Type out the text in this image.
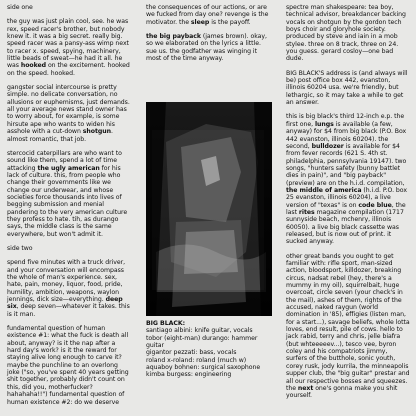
side one

the guy was just plain cool, see. he was rex, speed racer's brother, but nobody knew it. it was a big secret. really big. speed racer was a pansy-ass wimp next to racer x. speed, spying, machinery, little beads of sweat—he had it all. he was hooked on the excitement. hooked on the speed. hooked.

gangster social intercourse is pretty simple. no delicate conversation, no allusions or euphemisms, just demands. all your average news stand owner has to worry about, for example, is some hirsute ape who wants to widen his asshole with a cut-down shotgun. almost romantic, that job.

stercocid caterpillars are who want to sound like them, spend a lot of time attacking the ugly american for his lack of culture. this, from people who change their governments like we change our underwear, and whose societies force thousands into lives of begging submission and menial pandering to the very american culture they profess to hate. tih, as durango says, the middle class is the same everywhere, but won't admit it.

side two

spend five minutes with a truck driver, and your conversation will encompass the whole of man's experience. sex, hate, pain, money, liquor, food, pride, humility, ambition, weapons, waylon jennings, dick size—everything. deep six, deep seven—whatever it takes. this is it man.

fundamental question of human existence #1: what the fuck is death all about, anyway? is it the nap after a hard day's work? is it the reward for staying alive long enough to carve it? maybe the punchline to an overlong joke ("so, you've spent 40 years getting shit together, probably didn't count on this, did you, motherfucker? hahahaha!!") fundamental question of human existence #2: do we deserve

the consequences of our actions, or are we fucked from day one? revenge is the motivator. the sleep is the payoff.

the big payback (james brown). okay, so we elaborated on the lyrics a little. sue us. the godfather was winging it most of the time anyway.

BIG BLACK:

santiago albini: knife guitar, vocals

tobor (eight-man) durango: hammer guitar

gigantor pezzati: bass, vocals

roland x-roland: roland (much w)

aquaboy bohnen: surgical saxophone

kimba burgess: engineering

spectre man shakespeare: tea boy, technical advisor, breakdancer backing vocals on shotgun by the gordon tech boys choir and gloryhole society. produced by steve and iain in a mob stylee. three on 8 track, three on 24. you guess. gerard cosloy—one bad dude.

BIG BLACK'S address is (and always will be) post office box 442, evanston, illinois 60204 usa. we're friendly, but lethargic, so it may take a while to get an answer.

this is big black's third 12-inch e.p. the first one, lungs is available (a few, anyway) for $4 from big black (P.O. Box 442 evanston, illinois 60204). the second, bulldozer is available for $4 from fever records (621 S. 4th st. philadelphia, pennsylvania 19147). two songs, "hunters safety (bunny battlet dies in pain)", and "big payback" (preview) are on the h.i.d. compilation, the middle of america (h.i.d. P.O. box 25 evanston, illinois 60204), a live version of "texas" is on code blue, the last rites magazine compilation (1717 sunnyside beach, mchenry, illinois 60050). a live big black cassette was released, but is now out of print. it sucked anyway.

other great bands you ought to get familiar with: rifle sport, man-sized action, bloodsport, killdozer, breaking circus, nadsat rebel (hey, there's a mummy in my oil), squirrelbait, huge overcoat, circle seven (your check's in the mail), ashes of them, rights of the accused, naked raygun (world domination in '85), effigies (listen man, for a start...), savage beliefs, whole lotta loves, end result, pile of cows. hello to jack rabid, terry and chris, jelle biafra (but whteeeeev...), tesco vee, byron coley and his compatriots jimmy, surfers of the butthole, sonic youth, corey rusk, jody kurrila, the minneapolis supper club, the "big guitar" prestar and all our respective bosses and squeezes. the next one's gonna make you shit yourself.
